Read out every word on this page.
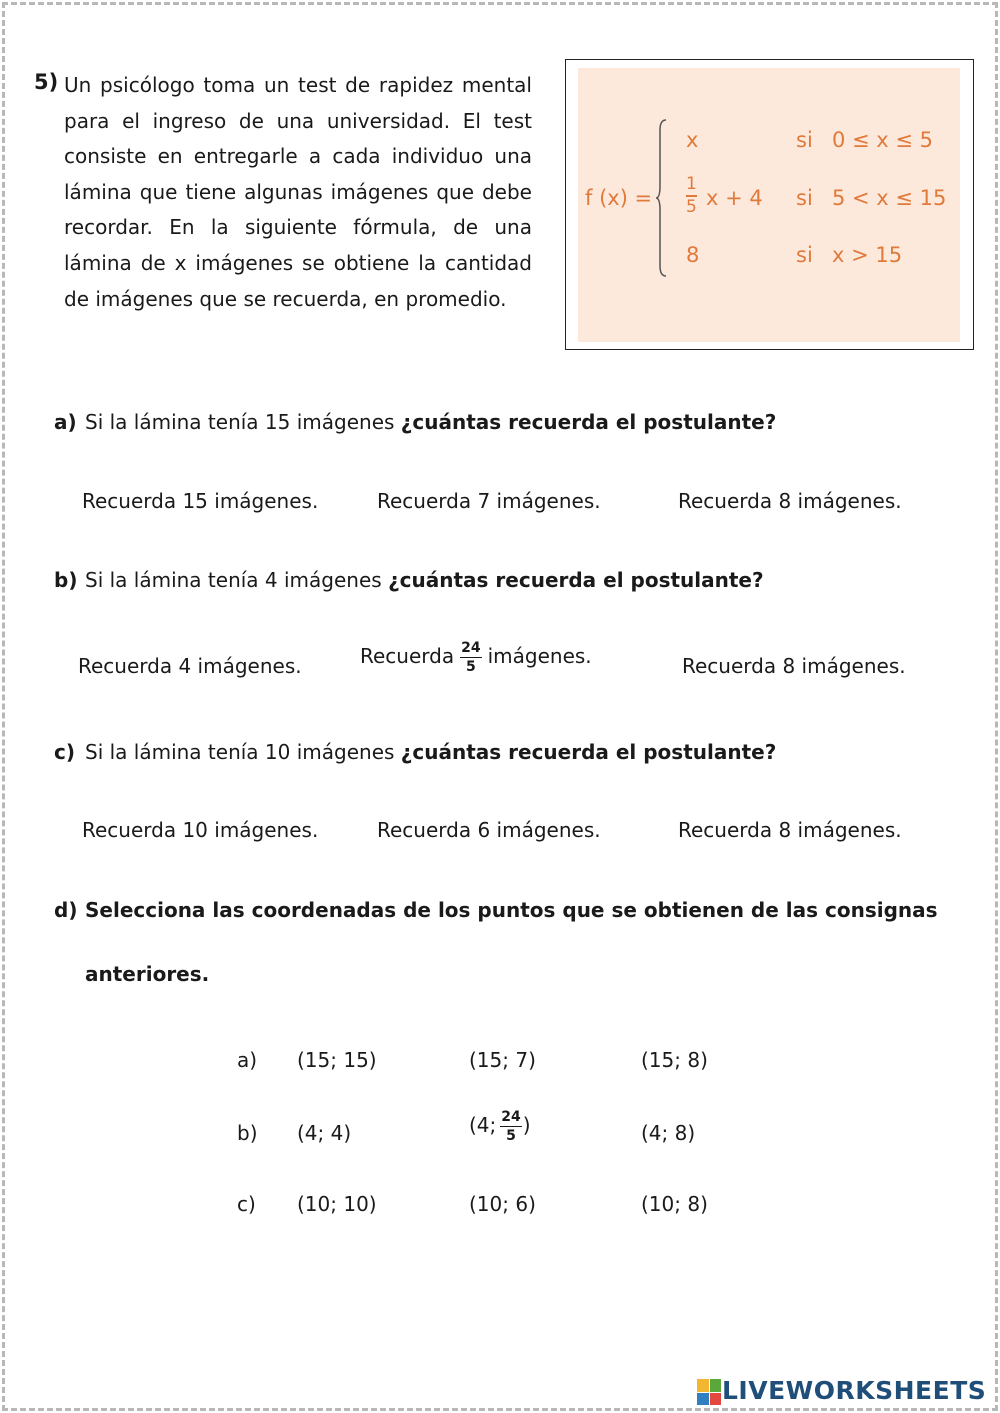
5) Un psicólogo toma un test de rapidez mental para el ingreso de una universidad. El test consiste en entregarle a cada individuo una lámina que tiene algunas imágenes que debe recordar. En la siguiente fórmula, de una lámina de x imágenes se obtiene la cantidad de imágenes que se recuerda, en promedio.
f (x) =
x	si 0 ≤ x ≤ 5
1
5 x + 4 si 5 < x ≤ 15
8	si x > 15
a) Si la lámina tenía 15 imágenes ¿cuántas recuerda el postulante?
Recuerda 15 imágenes.	Recuerda 7 imágenes.	Recuerda 8 imágenes.
b) Si la lámina tenía 4 imágenes ¿cuántas recuerda el postulante?
Recuerda 4 imágenes.	Recuerda $\frac{24}{5}$ imágenes.	Recuerda 8 imágenes.
c) Si la lámina tenía 10 imágenes ¿cuántas recuerda el postulante?
Recuerda 10 imágenes.	Recuerda 6 imágenes.	Recuerda 8 imágenes.
d) Selecciona las coordenadas de los puntos que se obtienen de las consignas
anteriores.
a) (15; 15)	(15; 7)	(15; 8)
b) (4; 4)	(4; $\frac{24}{5}$ )	(4; 8)
c) (10; 10)	(10; 6)	(10; 8)
LIVEWORKSHEETS
